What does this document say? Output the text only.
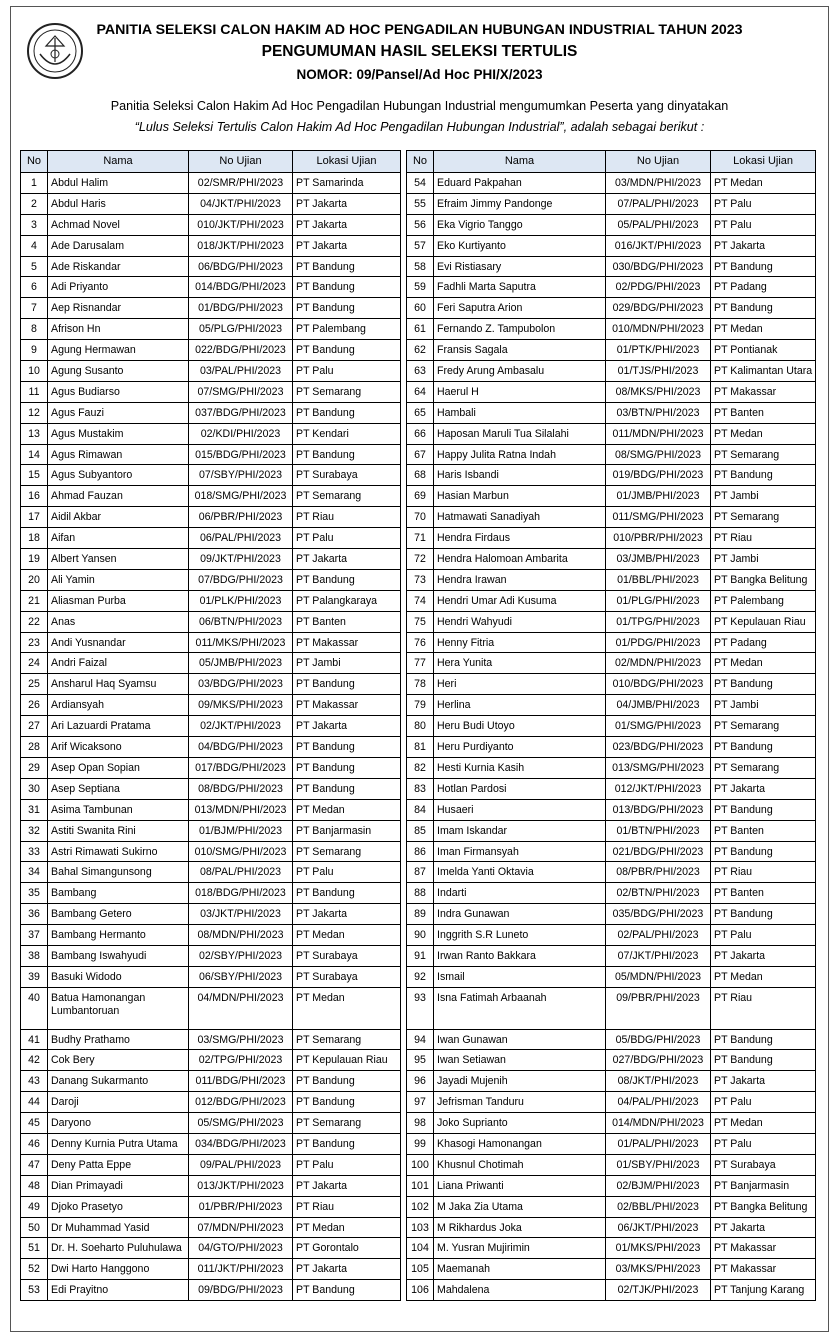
PANITIA SELEKSI CALON HAKIM AD HOC PENGADILAN HUBUNGAN INDUSTRIAL TAHUN 2023
PENGUMUMAN HASIL SELEKSI TERTULIS
NOMOR: 09/Pansel/Ad Hoc PHI/X/2023
Panitia Seleksi Calon Hakim Ad Hoc Pengadilan Hubungan Industrial mengumumkan Peserta yang dinyatakan
“Lulus Seleksi Tertulis Calon Hakim Ad Hoc Pengadilan Hubungan Industrial”, adalah sebagai berikut :
No	Nama	No Ujian	Lokasi Ujian
1	Abdul Halim	02/SMR/PHI/2023	PT Samarinda
2	Abdul Haris	04/JKT/PHI/2023	PT Jakarta
3	Achmad Novel	010/JKT/PHI/2023	PT Jakarta
4	Ade Darusalam	018/JKT/PHI/2023	PT Jakarta
5	Ade Riskandar	06/BDG/PHI/2023	PT Bandung
6	Adi Priyanto	014/BDG/PHI/2023	PT Bandung
7	Aep Risnandar	01/BDG/PHI/2023	PT Bandung
8	Afrison Hn	05/PLG/PHI/2023	PT Palembang
9	Agung Hermawan	022/BDG/PHI/2023	PT Bandung
10	Agung Susanto	03/PAL/PHI/2023	PT Palu
11	Agus Budiarso	07/SMG/PHI/2023	PT Semarang
12	Agus Fauzi	037/BDG/PHI/2023	PT Bandung
13	Agus Mustakim	02/KDI/PHI/2023	PT Kendari
14	Agus Rimawan	015/BDG/PHI/2023	PT Bandung
15	Agus Subyantoro	07/SBY/PHI/2023	PT Surabaya
16	Ahmad Fauzan	018/SMG/PHI/2023	PT Semarang
17	Aidil Akbar	06/PBR/PHI/2023	PT Riau
18	Aifan	06/PAL/PHI/2023	PT Palu
19	Albert Yansen	09/JKT/PHI/2023	PT Jakarta
20	Ali Yamin	07/BDG/PHI/2023	PT Bandung
21	Aliasman Purba	01/PLK/PHI/2023	PT Palangkaraya
22	Anas	06/BTN/PHI/2023	PT Banten
23	Andi Yusnandar	011/MKS/PHI/2023	PT Makassar
24	Andri Faizal	05/JMB/PHI/2023	PT Jambi
25	Ansharul Haq Syamsu	03/BDG/PHI/2023	PT Bandung
26	Ardiansyah	09/MKS/PHI/2023	PT Makassar
27	Ari Lazuardi Pratama	02/JKT/PHI/2023	PT Jakarta
28	Arif Wicaksono	04/BDG/PHI/2023	PT Bandung
29	Asep Opan Sopian	017/BDG/PHI/2023	PT Bandung
30	Asep Septiana	08/BDG/PHI/2023	PT Bandung
31	Asima Tambunan	013/MDN/PHI/2023	PT Medan
32	Astiti Swanita Rini	01/BJM/PHI/2023	PT Banjarmasin
33	Astri Rimawati Sukirno	010/SMG/PHI/2023	PT Semarang
34	Bahal Simangunsong	08/PAL/PHI/2023	PT Palu
35	Bambang	018/BDG/PHI/2023	PT Bandung
36	Bambang Getero	03/JKT/PHI/2023	PT Jakarta
37	Bambang Hermanto	08/MDN/PHI/2023	PT Medan
38	Bambang Iswahyudi	02/SBY/PHI/2023	PT Surabaya
39	Basuki Widodo	06/SBY/PHI/2023	PT Surabaya
40	Batua Hamonangan Lumbantoruan	04/MDN/PHI/2023	PT Medan
41	Budhy Prathamo	03/SMG/PHI/2023	PT Semarang
42	Cok Bery	02/TPG/PHI/2023	PT Kepulauan Riau
43	Danang Sukarmanto	011/BDG/PHI/2023	PT Bandung
44	Daroji	012/BDG/PHI/2023	PT Bandung
45	Daryono	05/SMG/PHI/2023	PT Semarang
46	Denny Kurnia Putra Utama	034/BDG/PHI/2023	PT Bandung
47	Deny Patta Eppe	09/PAL/PHI/2023	PT Palu
48	Dian Primayadi	013/JKT/PHI/2023	PT Jakarta
49	Djoko Prasetyo	01/PBR/PHI/2023	PT Riau
50	Dr Muhammad Yasid	07/MDN/PHI/2023	PT Medan
51	Dr. H. Soeharto Puluhulawa	04/GTO/PHI/2023	PT Gorontalo
52	Dwi Harto Hanggono	011/JKT/PHI/2023	PT Jakarta
53	Edi Prayitno	09/BDG/PHI/2023	PT Bandung
No	Nama	No Ujian	Lokasi Ujian
54	Eduard Pakpahan	03/MDN/PHI/2023	PT Medan
55	Efraim Jimmy Pandonge	07/PAL/PHI/2023	PT Palu
56	Eka Vigrio Tanggo	05/PAL/PHI/2023	PT Palu
57	Eko Kurtiyanto	016/JKT/PHI/2023	PT Jakarta
58	Evi Ristiasary	030/BDG/PHI/2023	PT Bandung
59	Fadhli Marta Saputra	02/PDG/PHI/2023	PT Padang
60	Feri Saputra Arion	029/BDG/PHI/2023	PT Bandung
61	Fernando Z. Tampubolon	010/MDN/PHI/2023	PT Medan
62	Fransis Sagala	01/PTK/PHI/2023	PT Pontianak
63	Fredy Arung Ambasalu	01/TJS/PHI/2023	PT Kalimantan Utara
64	Haerul H	08/MKS/PHI/2023	PT Makassar
65	Hambali	03/BTN/PHI/2023	PT Banten
66	Haposan Maruli Tua Silalahi	011/MDN/PHI/2023	PT Medan
67	Happy Julita Ratna Indah	08/SMG/PHI/2023	PT Semarang
68	Haris Isbandi	019/BDG/PHI/2023	PT Bandung
69	Hasian Marbun	01/JMB/PHI/2023	PT Jambi
70	Hatmawati Sanadiyah	011/SMG/PHI/2023	PT Semarang
71	Hendra Firdaus	010/PBR/PHI/2023	PT Riau
72	Hendra Halomoan Ambarita	03/JMB/PHI/2023	PT Jambi
73	Hendra Irawan	01/BBL/PHI/2023	PT Bangka Belitung
74	Hendri Umar Adi Kusuma	01/PLG/PHI/2023	PT Palembang
75	Hendri Wahyudi	01/TPG/PHI/2023	PT Kepulauan Riau
76	Henny Fitria	01/PDG/PHI/2023	PT Padang
77	Hera Yunita	02/MDN/PHI/2023	PT Medan
78	Heri	010/BDG/PHI/2023	PT Bandung
79	Herlina	04/JMB/PHI/2023	PT Jambi
80	Heru Budi Utoyo	01/SMG/PHI/2023	PT Semarang
81	Heru Purdiyanto	023/BDG/PHI/2023	PT Bandung
82	Hesti Kurnia Kasih	013/SMG/PHI/2023	PT Semarang
83	Hotlan Pardosi	012/JKT/PHI/2023	PT Jakarta
84	Husaeri	013/BDG/PHI/2023	PT Bandung
85	Imam Iskandar	01/BTN/PHI/2023	PT Banten
86	Iman Firmansyah	021/BDG/PHI/2023	PT Bandung
87	Imelda Yanti Oktavia	08/PBR/PHI/2023	PT Riau
88	Indarti	02/BTN/PHI/2023	PT Banten
89	Indra Gunawan	035/BDG/PHI/2023	PT Bandung
90	Inggrith S.R Luneto	02/PAL/PHI/2023	PT Palu
91	Irwan Ranto Bakkara	07/JKT/PHI/2023	PT Jakarta
92	Ismail	05/MDN/PHI/2023	PT Medan
93	Isna Fatimah Arbaanah	09/PBR/PHI/2023	PT Riau
94	Iwan Gunawan	05/BDG/PHI/2023	PT Bandung
95	Iwan Setiawan	027/BDG/PHI/2023	PT Bandung
96	Jayadi Mujenih	08/JKT/PHI/2023	PT Jakarta
97	Jefrisman Tanduru	04/PAL/PHI/2023	PT Palu
98	Joko Suprianto	014/MDN/PHI/2023	PT Medan
99	Khasogi Hamonangan	01/PAL/PHI/2023	PT Palu
100	Khusnul Chotimah	01/SBY/PHI/2023	PT Surabaya
101	Liana Priwanti	02/BJM/PHI/2023	PT Banjarmasin
102	M Jaka Zia Utama	02/BBL/PHI/2023	PT Bangka Belitung
103	M Rikhardus Joka	06/JKT/PHI/2023	PT Jakarta
104	M. Yusran Mujirimin	01/MKS/PHI/2023	PT Makassar
105	Maemanah	03/MKS/PHI/2023	PT Makassar
106	Mahdalena	02/TJK/PHI/2023	PT Tanjung Karang
